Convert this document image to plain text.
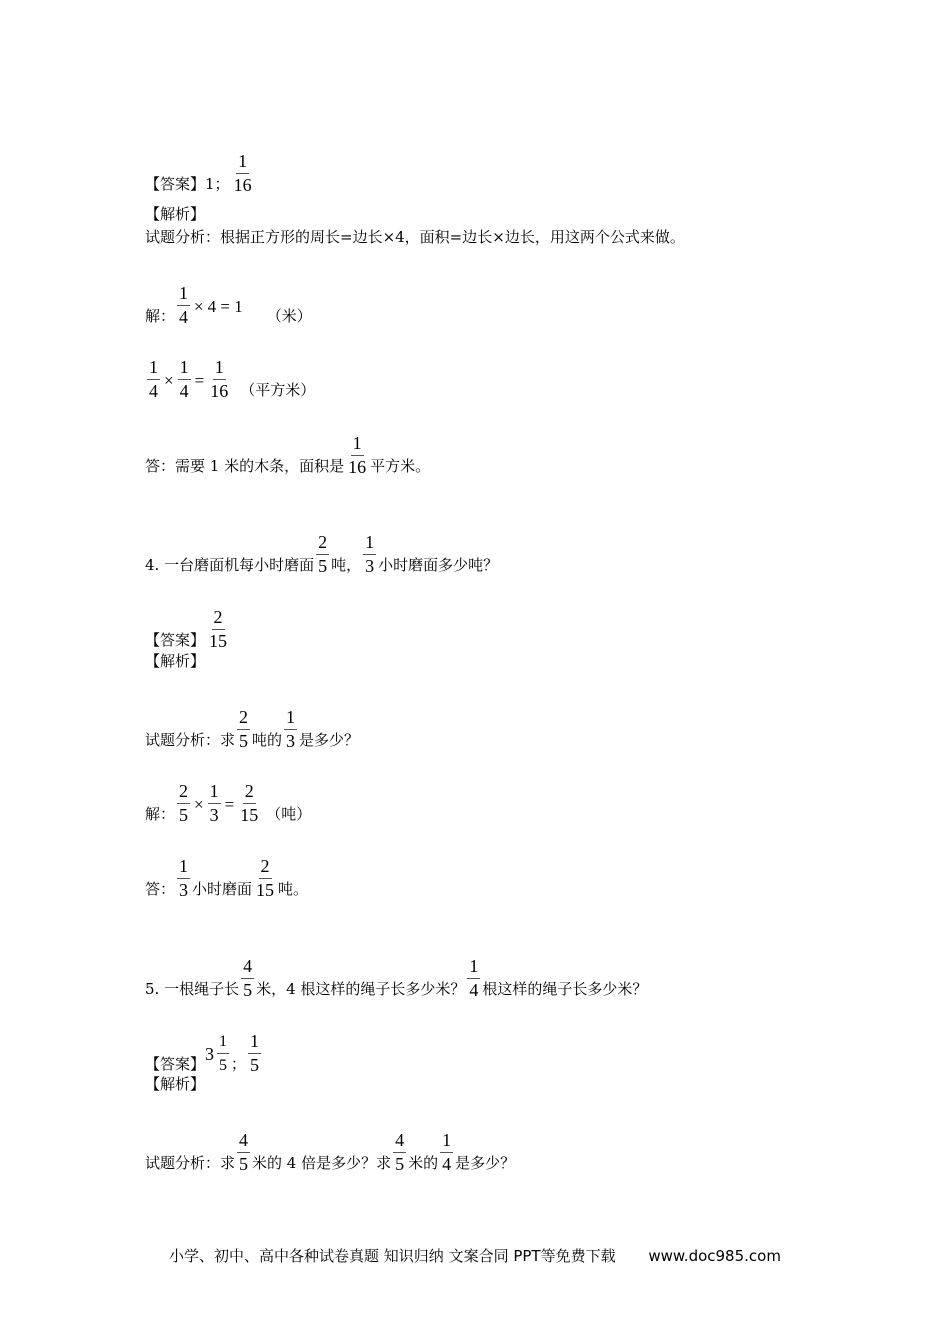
【答案】 1； $\frac{1}{16}$
【解析】
试题分析：根据正方形的周长=边长×4，面积=边长×边长，用这两个公式来做。
解： $\frac{1}{4} \times 4 = 1$ （米）
$\frac{1}{4} \times \frac{1}{4} = \frac{1}{16}$ （平方米）
答：需要 1 米的木条，面积是 $\frac{1}{16}$ 平方米。
4. 一台磨面机每小时磨面 $\frac{2}{5}$ 吨， $\frac{1}{3}$ 小时磨面多少吨？
【答案】 $\frac{2}{15}$
【解析】
试题分析：求 $\frac{2}{5}$ 吨的 $\frac{1}{3}$ 是多少？
解： $\frac{2}{5} \times \frac{1}{3} = \frac{2}{15}$ （吨）
答： $\frac{1}{3}$ 小时磨面 $\frac{2}{15}$ 吨。
5. 一根绳子长 $\frac{4}{5}$ 米，4 根这样的绳子长多少米？ $\frac{1}{4}$ 根这样的绳子长多少米？
【答案】 $3 \frac{1}{5}$ ； $\frac{1}{5}$
【解析】
试题分析：求 $\frac{4}{5}$ 米的 4 倍是多少？求 $\frac{4}{5}$ 米的 $\frac{1}{4}$ 是多少？
小学、初中、高中各种试卷真题 知识归纳 文案合同 PPT等免费下载 www.doc985.com
